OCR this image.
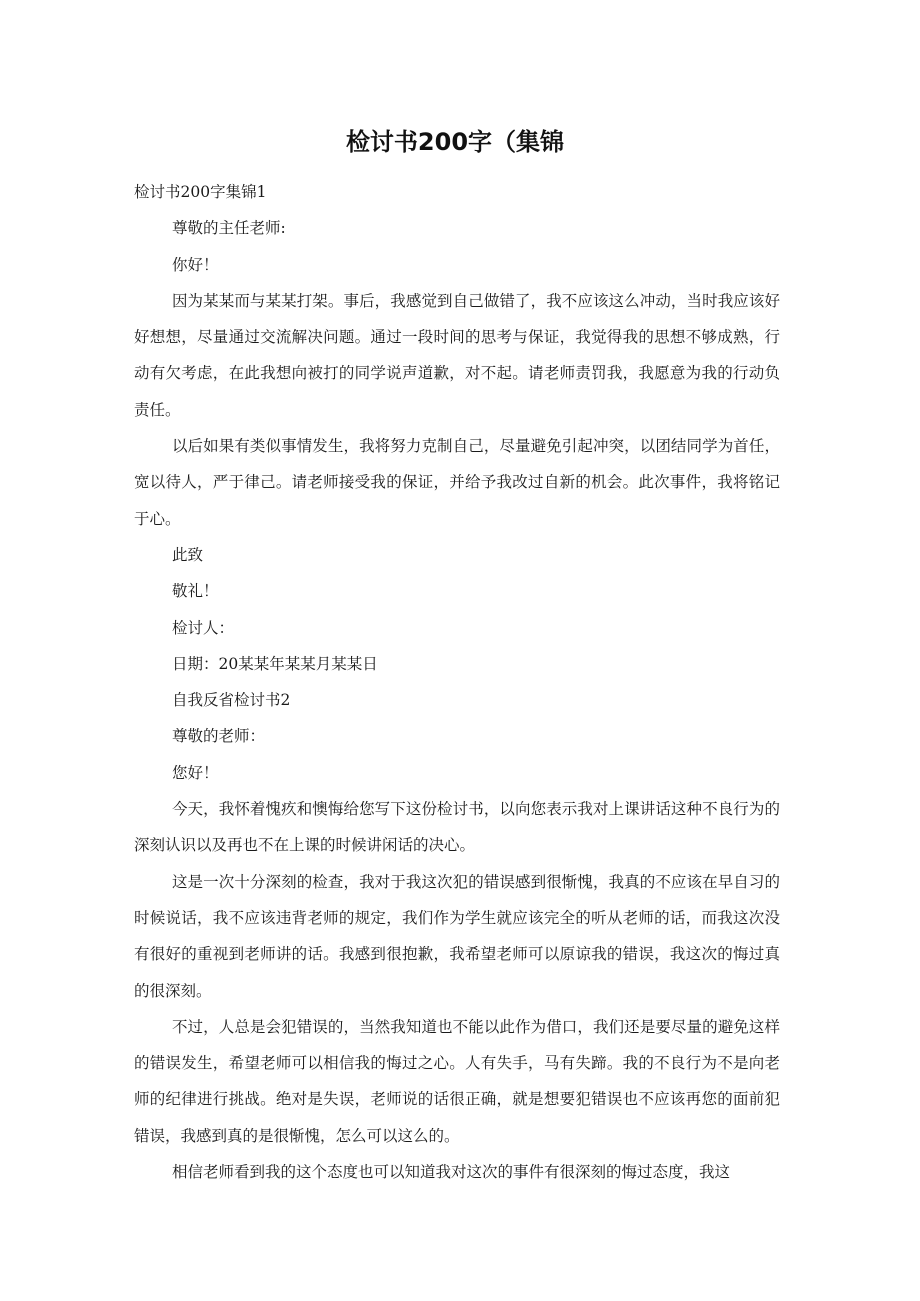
检讨书200字（集锦

检讨书200字集锦1

尊敬的主任老师:

你好！

因为某某而与某某打架。事后，我感觉到自己做错了，我不应该这么冲动，当时我应该好好想想，尽量通过交流解决问题。通过一段时间的思考与保证，我觉得我的思想不够成熟，行动有欠考虑，在此我想向被打的同学说声道歉，对不起。请老师责罚我，我愿意为我的行动负责任。

以后如果有类似事情发生，我将努力克制自己，尽量避免引起冲突，以团结同学为首任，宽以待人，严于律己。请老师接受我的保证，并给予我改过自新的机会。此次事件，我将铭记于心。

此致

敬礼！

检讨人：

日期：20某某年某某月某某日

自我反省检讨书2

尊敬的老师：

您好！

今天，我怀着愧疚和懊悔给您写下这份检讨书，以向您表示我对上课讲话这种不良行为的深刻认识以及再也不在上课的时候讲闲话的决心。

这是一次十分深刻的检查，我对于我这次犯的错误感到很惭愧，我真的不应该在早自习的时候说话，我不应该违背老师的规定，我们作为学生就应该完全的听从老师的话，而我这次没有很好的重视到老师讲的话。我感到很抱歉，我希望老师可以原谅我的错误，我这次的悔过真的很深刻。

不过，人总是会犯错误的，当然我知道也不能以此作为借口，我们还是要尽量的避免这样的错误发生，希望老师可以相信我的悔过之心。人有失手，马有失蹄。我的不良行为不是向老师的纪律进行挑战。绝对是失误，老师说的话很正确，就是想要犯错误也不应该再您的面前犯错误，我感到真的是很惭愧，怎么可以这么的。

相信老师看到我的这个态度也可以知道我对这次的事件有很深刻的悔过态度，我这
